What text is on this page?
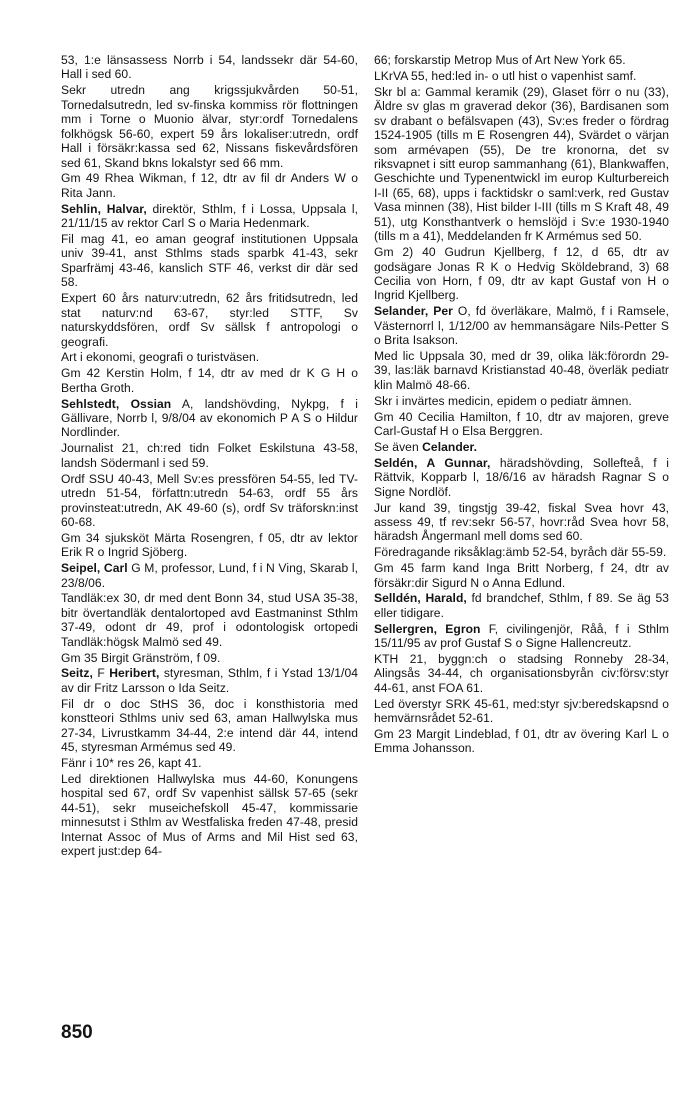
53, 1:e länsassess Norrb i 54, landssekr där 54-60, Hall i sed 60.

Sekr utredn ang krigssjukvården 50-51, Tornedalsutredn, led sv-finska kommiss rör flottningen mm i Torne o Muonio älvar, styr:ordf Tornedalens folkhögsk 56-60, expert 59 års lokaliser:utredn, ordf Hall i försäkr:kassa sed 62, Nissans fiskevårdsfören sed 61, Skand bkns lokalstyr sed 66 mm.

Gm 49 Rhea Wikman, f 12, dtr av fil dr Anders W o Rita Jann.

Sehlin, Halvar, direktör, Sthlm, f i Lossa, Uppsala l, 21/11/15 av rektor Carl S o Maria Hedenmark.

Fil mag 41, eo aman geograf institutionen Uppsala univ 39-41, anst Sthlms stads sparbk 41-43, sekr Sparfrämj 43-46, kanslich STF 46, verkst dir där sed 58.

Expert 60 års naturv:utredn, 62 års fritidsutredn, led stat naturv:nd 63-67, styr:led STTF, Sv naturskyddsfören, ordf Sv sällsk f antropologi o geografi.

Art i ekonomi, geografi o turistväsen.

Gm 42 Kerstin Holm, f 14, dtr av med dr K G H o Bertha Groth.

Sehlstedt, Ossian A, landshövding, Nykpg, f i Gällivare, Norrb l, 9/8/04 av ekonomich P A S o Hildur Nordlinder.

Journalist 21, ch:red tidn Folket Eskilstuna 43-58, landsh Södermanl i sed 59.

Ordf SSU 40-43, Mell Sv:es pressfören 54-55, led TV-utredn 51-54, författn:utredn 54-63, ordf 55 års provinsteat:utredn, AK 49-60 (s), ordf Sv träforskn:inst 60-68.

Gm 34 sjuksköt Märta Rosengren, f 05, dtr av lektor Erik R o Ingrid Sjöberg.

Seipel, Carl G M, professor, Lund, f i N Ving, Skarab l, 23/8/06.

Tandläk:ex 30, dr med dent Bonn 34, stud USA 35-38, bitr övertandläk dentalortoped avd Eastmaninst Sthlm 37-49, odont dr 49, prof i odontologisk ortopedi Tandläk:högsk Malmö sed 49.

Gm 35 Birgit Gränström, f 09.

Seitz, F Heribert, styresman, Sthlm, f i Ystad 13/1/04 av dir Fritz Larsson o Ida Seitz.

Fil dr o doc StHS 36, doc i konsthistoria med konstteori Sthlms univ sed 63, aman Hallwylska mus 27-34, Livrustkamm 34-44, 2:e intend där 44, intend 45, styresman Armémus sed 49.

Fänr i 10* res 26, kapt 41.

Led direktionen Hallwylska mus 44-60, Konungens hospital sed 67, ordf Sv vapenhist sällsk 57-65 (sekr 44-51), sekr museichefskoll 45-47, kommissarie minnesutst i Sthlm av Westfaliska freden 47-48, presid Internat Assoc of Mus of Arms and Mil Hist sed 63, expert just:dep 64-

66; forskarstip Metrop Mus of Art New York 65.

LKrVA 55, hed:led in- o utl hist o vapenhist samf.

Skr bl a: Gammal keramik (29), Glaset förr o nu (33), Äldre sv glas m graverad dekor (36), Bardisanen som sv drabant o befälsvapen (43), Sv:es freder o fördrag 1524-1905 (tills m E Rosengren 44), Svärdet o värjan som armévapen (55), De tre kronorna, det sv riksvapnet i sitt europ sammanhang (61), Blankwaffen, Geschichte und Typenentwickl im europ Kulturbereich I-II (65, 68), upps i facktidskr o saml:verk, red Gustav Vasa minnen (38), Hist bilder I-III (tills m S Kraft 48, 49 51), utg Konsthantverk o hemslöjd i Sv:e 1930-1940 (tills m a 41), Meddelanden fr K Armémus sed 50.

Gm 2) 40 Gudrun Kjellberg, f 12, d 65, dtr av godsägare Jonas R K o Hedvig Sköldebrand, 3) 68 Cecilia von Horn, f 09, dtr av kapt Gustaf von H o Ingrid Kjellberg.

Selander, Per O, fd överläkare, Malmö, f i Ramsele, Västernorrl l, 1/12/00 av hemmansägare Nils-Petter S o Brita Isakson.

Med lic Uppsala 30, med dr 39, olika läk:förordn 29-39, las:läk barnavd Kristianstad 40-48, överläk pediatr klin Malmö 48-66.

Skr i invärtes medicin, epidem o pediatr ämnen.

Gm 40 Cecilia Hamilton, f 10, dtr av majoren, greve Carl-Gustaf H o Elsa Berggren.

Se även Celander.

Seldén, A Gunnar, häradshövding, Sollefteå, f i Rättvik, Kopparb l, 18/6/16 av häradsh Ragnar S o Signe Nordlöf.

Jur kand 39, tingstjg 39-42, fiskal Svea hovr 43, assess 49, tf rev:sekr 56-57, hovr:råd Svea hovr 58, häradsh Ångermanl mell doms sed 60.

Föredragande riksåklag:ämb 52-54, byråch där 55-59.

Gm 45 farm kand Inga Britt Norberg, f 24, dtr av försäkr:dir Sigurd N o Anna Edlund.

Selldén, Harald, fd brandchef, Sthlm, f 89. Se äg 53 eller tidigare.

Sellergren, Egron F, civilingenjör, Råå, f i Sthlm 15/11/95 av prof Gustaf S o Signe Hallencreutz.

KTH 21, byggn:ch o stadsing Ronneby 28-34, Alingsås 34-44, ch organisationsbyrån civ:försv:styr 44-61, anst FOA 61.

Led överstyr SRK 45-61, med:styr sjv:beredskapsnd o hemvärnsrådet 52-61.

Gm 23 Margit Lindeblad, f 01, dtr av övering Karl L o Emma Johansson.

850
